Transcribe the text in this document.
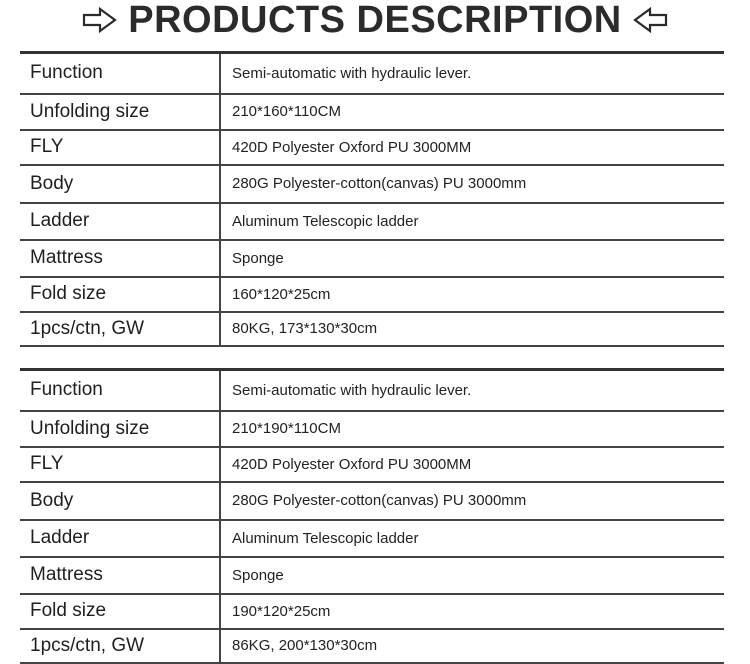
PRODUCTS DESCRIPTION
Function	Semi-automatic with hydraulic lever.
Unfolding size	210*160*110CM
FLY	420D Polyester Oxford PU 3000MM
Body	280G Polyester-cotton(canvas) PU 3000mm
Ladder	Aluminum Telescopic ladder
Mattress	Sponge
Fold size	160*120*25cm
1pcs/ctn, GW	80KG, 173*130*30cm
Function	Semi-automatic with hydraulic lever.
Unfolding size	210*190*110CM
FLY	420D Polyester Oxford PU 3000MM
Body	280G Polyester-cotton(canvas) PU 3000mm
Ladder	Aluminum Telescopic ladder
Mattress	Sponge
Fold size	190*120*25cm
1pcs/ctn, GW	86KG, 200*130*30cm
